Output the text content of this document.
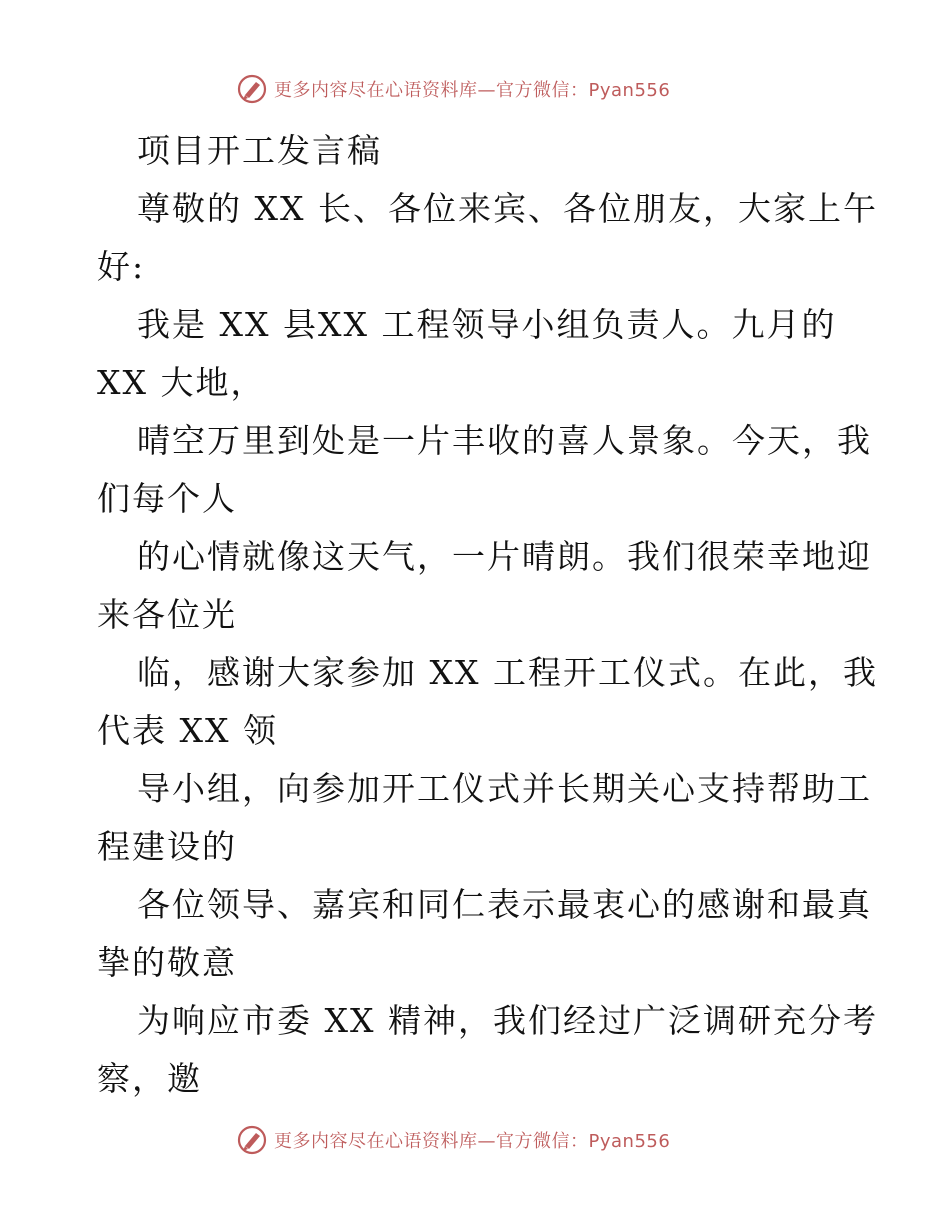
更多内容尽在心语资料库—官方微信：Pyan556
项目开工发言稿
尊敬的 XX 长、各位来宾、各位朋友，大家上午
好:
我是 XX 县XX 工程领导小组负责人。九月的
XX 大地，
晴空万里到处是一片丰收的喜人景象。今天，我
们每个人
的心情就像这天气，一片晴朗。我们很荣幸地迎
来各位光
临，感谢大家参加 XX 工程开工仪式。在此，我
代表 XX 领
导小组，向参加开工仪式并长期关心支持帮助工
程建设的
各位领导、嘉宾和同仁表示最衷心的感谢和最真
挚的敬意
为响应市委 XX 精神，我们经过广泛调研充分考
察，邀
更多内容尽在心语资料库—官方微信：Pyan556
